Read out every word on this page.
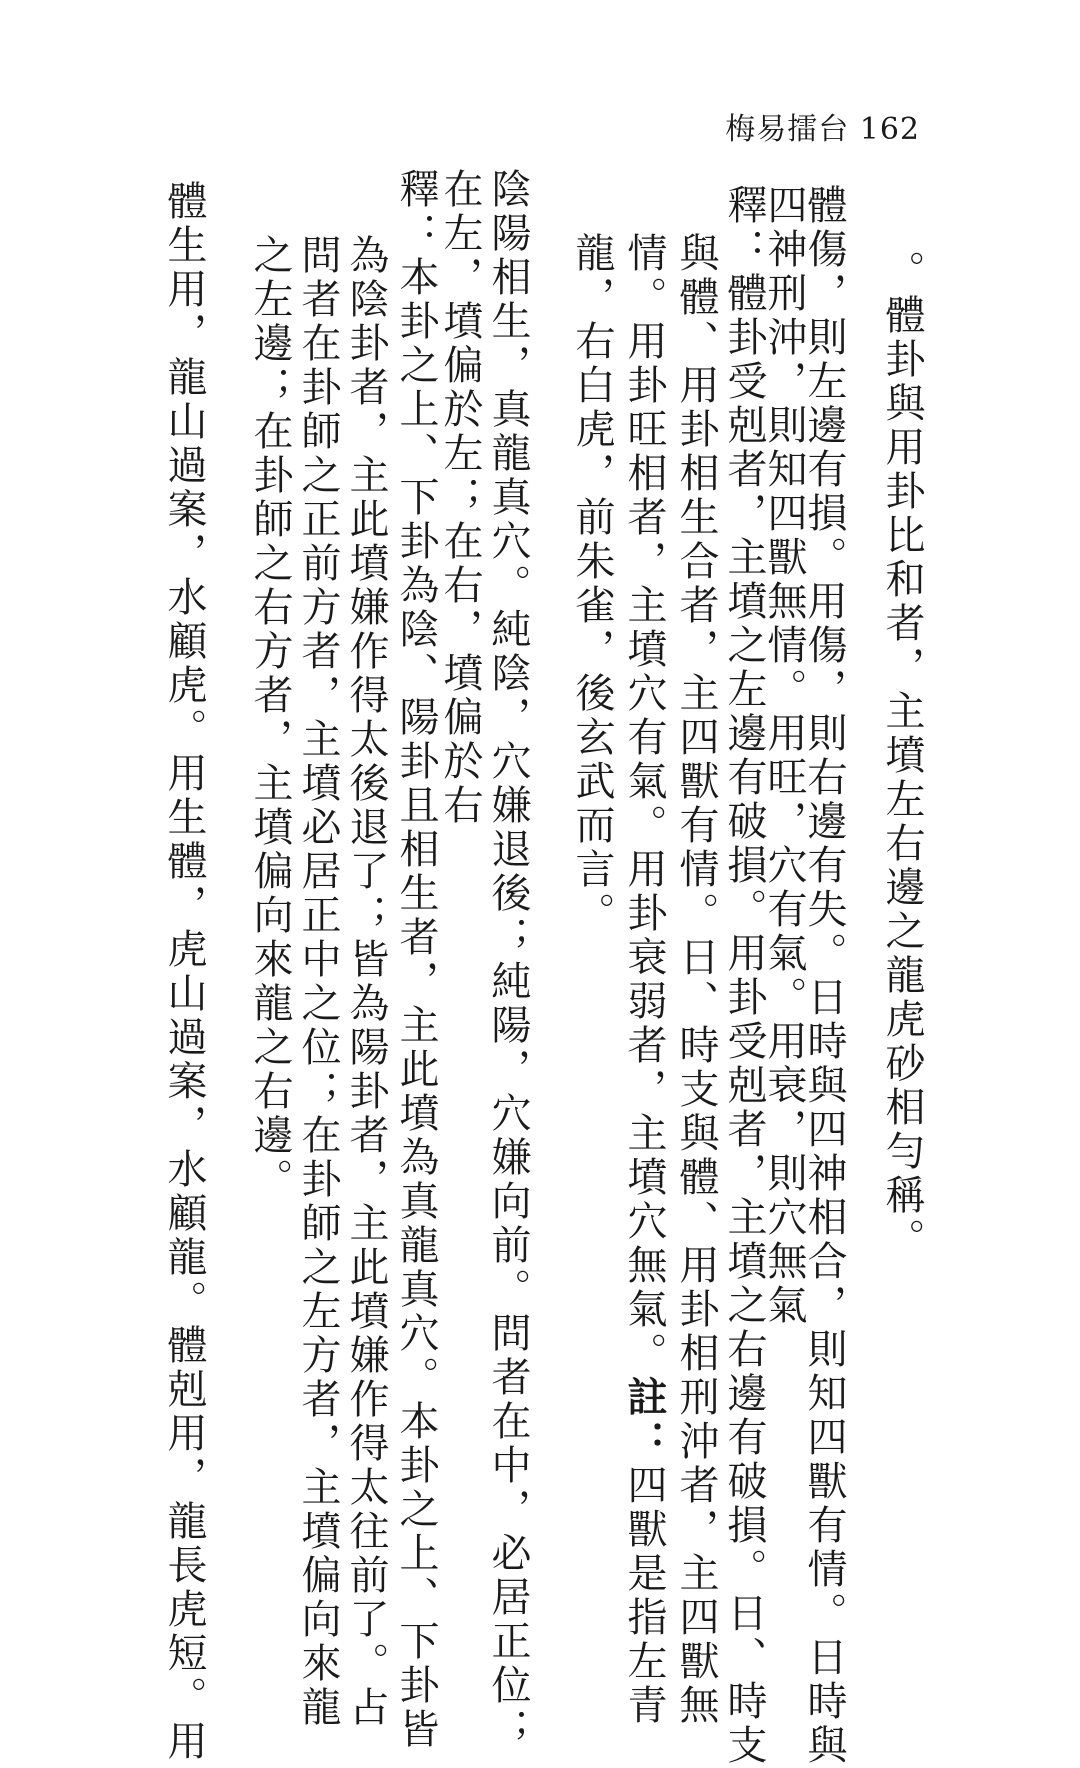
梅易擂台 162

。體卦與用卦比和者，主墳左右邊之龍虎砂相勻稱。

體傷，則左邊有損。用傷，則右邊有失。日時與四神相合，則知四獸有情。日時與

四神刑沖，則知四獸無情。用旺，穴有氣。用衰，則穴無氣

釋：體卦受剋者，主墳之左邊有破損。用卦受剋者，主墳之右邊有破損。日、時支

與體、用卦相生合者，主四獸有情。日、時支與體、用卦相刑沖者，主四獸無

情。用卦旺相者，主墳穴有氣。用卦衰弱者，主墳穴無氣。註：四獸是指左青

龍，右白虎，前朱雀，後玄武而言。

陰陽相生，真龍真穴。純陰，穴嫌退後；純陽，穴嫌向前。問者在中，必居正位；

在左，墳偏於左；在右，墳偏於右

釋：本卦之上、下卦為陰、陽卦且相生者，主此墳為真龍真穴。本卦之上、下卦皆

為陰卦者，主此墳嫌作得太後退了；皆為陽卦者，主此墳嫌作得太往前了。占

問者在卦師之正前方者，主墳必居正中之位；在卦師之左方者，主墳偏向來龍

之左邊；在卦師之右方者，主墳偏向來龍之右邊。

體生用，龍山過案，水顧虎。用生體，虎山過案，水顧龍。體剋用，龍長虎短。用
